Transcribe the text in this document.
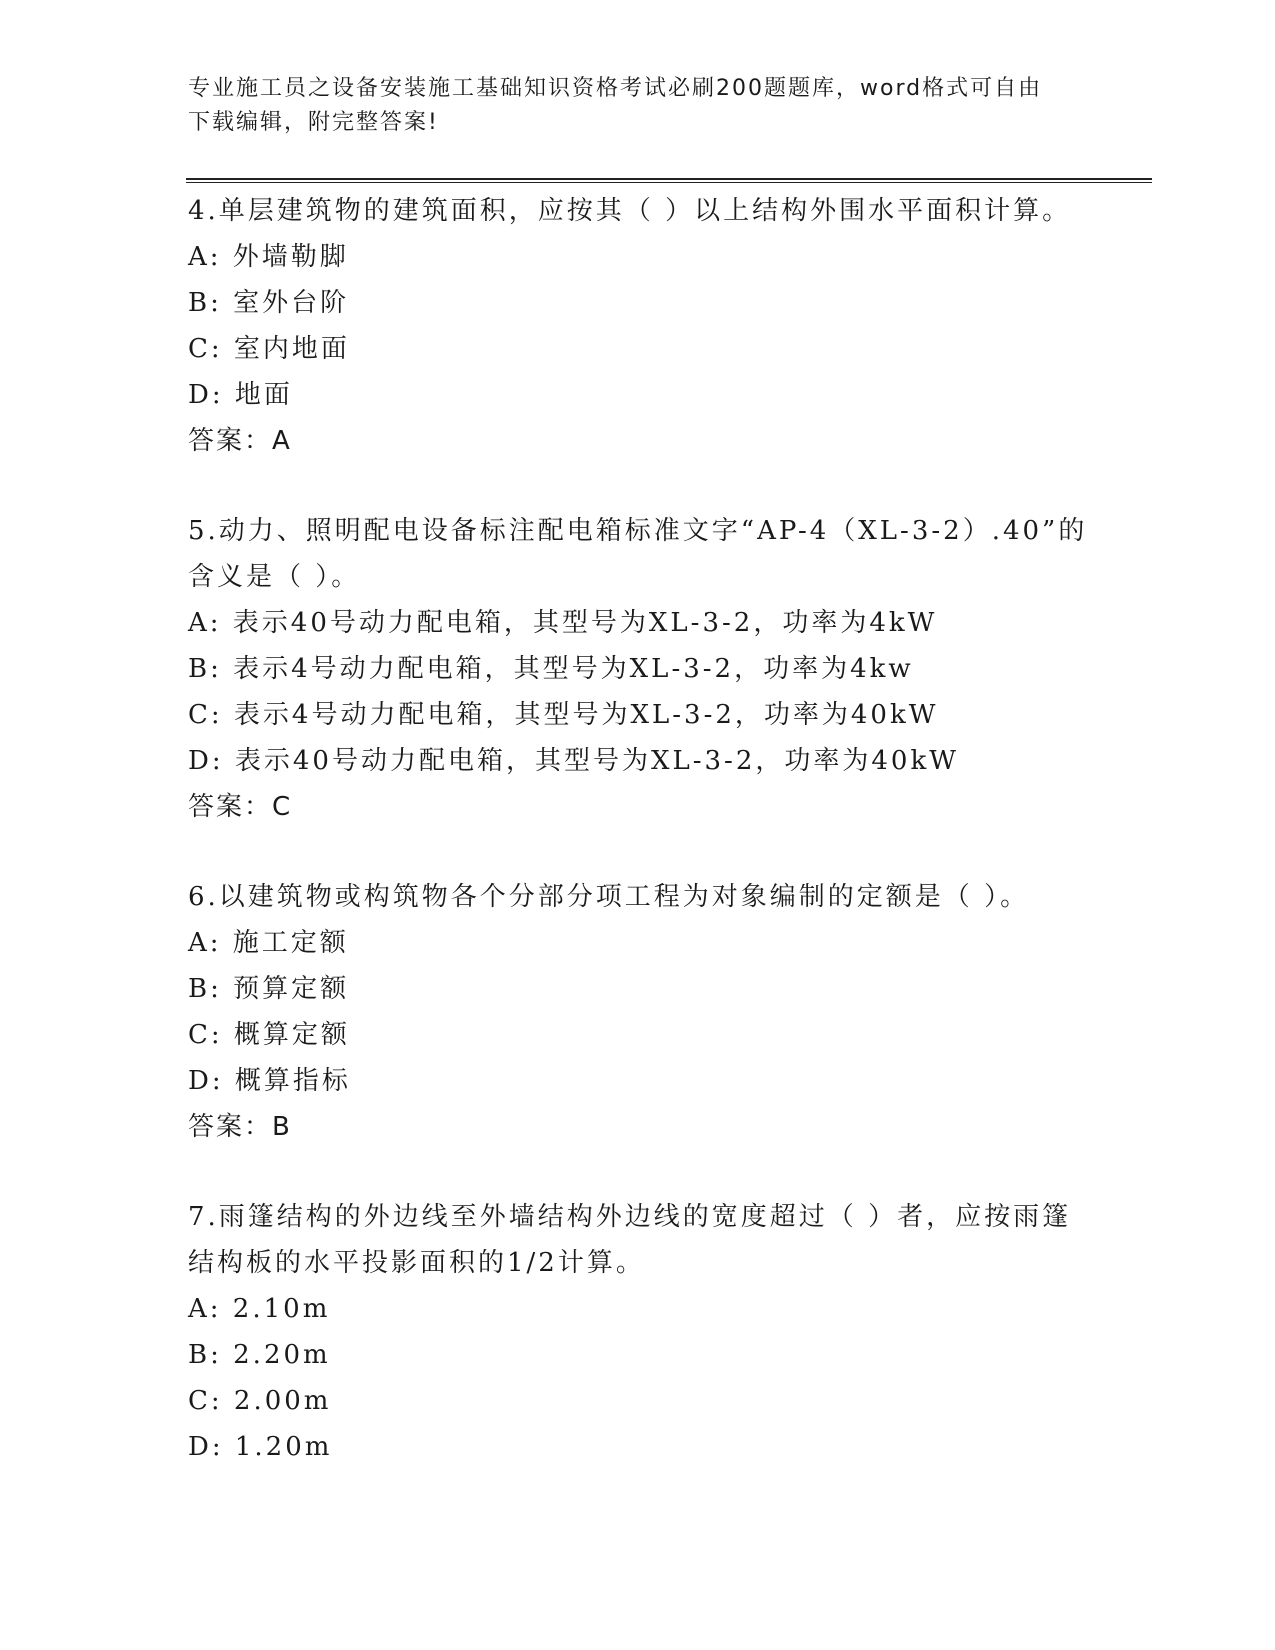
专业施工员之设备安装施工基础知识资格考试必刷200题题库，word格式可自由
下载编辑，附完整答案!
4.单层建筑物的建筑面积，应按其（ ）以上结构外围水平面积计算。
A: 外墙勒脚
B: 室外台阶
C: 室内地面
D: 地面
答案：A
5.动力、照明配电设备标注配电箱标准文字“AP-4（XL-3-2）.40”的
含义是（ ）。
A: 表示40号动力配电箱，其型号为XL-3-2，功率为4kW
B: 表示4号动力配电箱，其型号为XL-3-2，功率为4kw
C: 表示4号动力配电箱，其型号为XL-3-2，功率为40kW
D: 表示40号动力配电箱，其型号为XL-3-2，功率为40kW
答案：C
6.以建筑物或构筑物各个分部分项工程为对象编制的定额是（ ）。
A: 施工定额
B: 预算定额
C: 概算定额
D: 概算指标
答案：B
7.雨篷结构的外边线至外墙结构外边线的宽度超过（ ）者，应按雨篷
结构板的水平投影面积的1/2计算。
A: 2.10m
B: 2.20m
C: 2.00m
D: 1.20m
